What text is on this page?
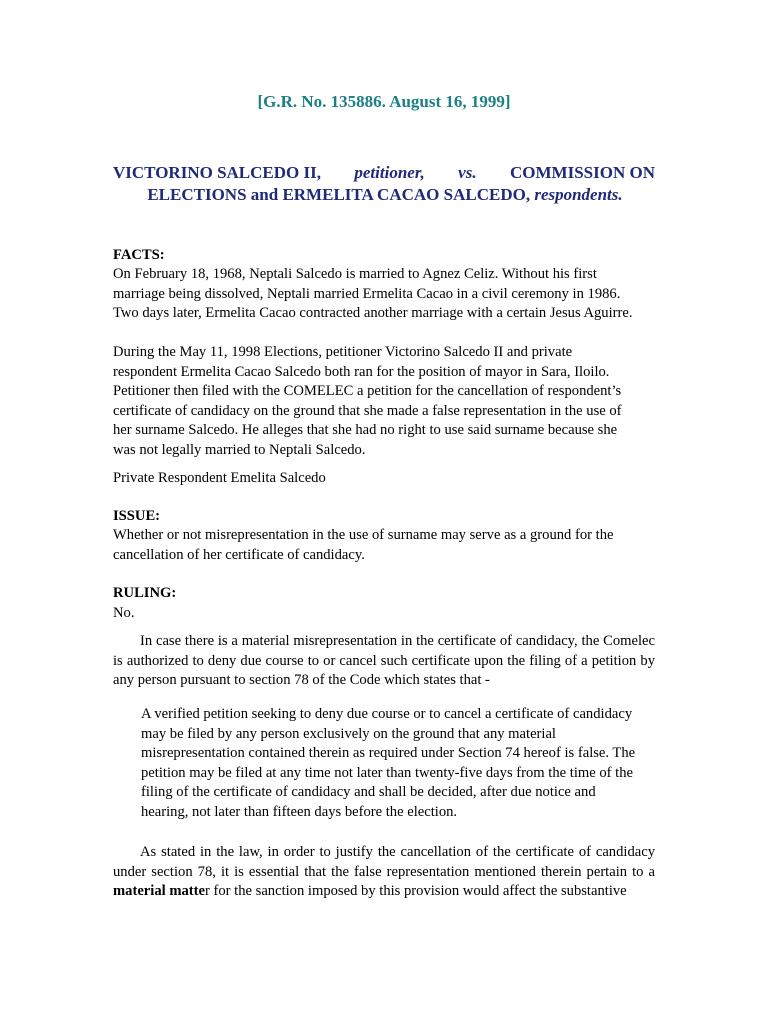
[G.R. No. 135886. August 16, 1999]
VICTORINO SALCEDO II, petitioner, vs. COMMISSION ON
ELECTIONS and ERMELITA CACAO SALCEDO, respondents.
FACTS:

On February 18, 1968, Neptali Salcedo is married to Agnez Celiz. Without his first

marriage being dissolved, Neptali married Ermelita Cacao in a civil ceremony in 1986.

Two days later, Ermelita Cacao contracted another marriage with a certain Jesus Aguirre.

During the May 11, 1998 Elections, petitioner Victorino Salcedo II and private

respondent Ermelita Cacao Salcedo both ran for the position of mayor in Sara, Iloilo.

Petitioner then filed with the COMELEC a petition for the cancellation of respondent’s

certificate of candidacy on the ground that she made a false representation in the use of

her surname Salcedo. He alleges that she had no right to use said surname because she

was not legally married to Neptali Salcedo.

Private Respondent Emelita Salcedo
ISSUE:

Whether or not misrepresentation in the use of surname may serve as a ground for the

cancellation of her certificate of candidacy.

RULING:
No.
In case there is a material misrepresentation in the certificate of candidacy, the Comelec is authorized to deny due course to or cancel such certificate upon the filing of a petition by any person pursuant to section 78 of the Code which states that -

A verified petition seeking to deny due course or to cancel a certificate of candidacy

may be filed by any person exclusively on the ground that any material

misrepresentation contained therein as required under Section 74 hereof is false. The

petition may be filed at any time not later than twenty-five days from the time of the

filing of the certificate of candidacy and shall be decided, after due notice and

hearing, not later than fifteen days before the election.

As stated in the law, in order to justify the cancellation of the certificate of candidacy under section 78, it is essential that the false representation mentioned therein pertain to a material matter for the sanction imposed by this provision would affect the substantive
